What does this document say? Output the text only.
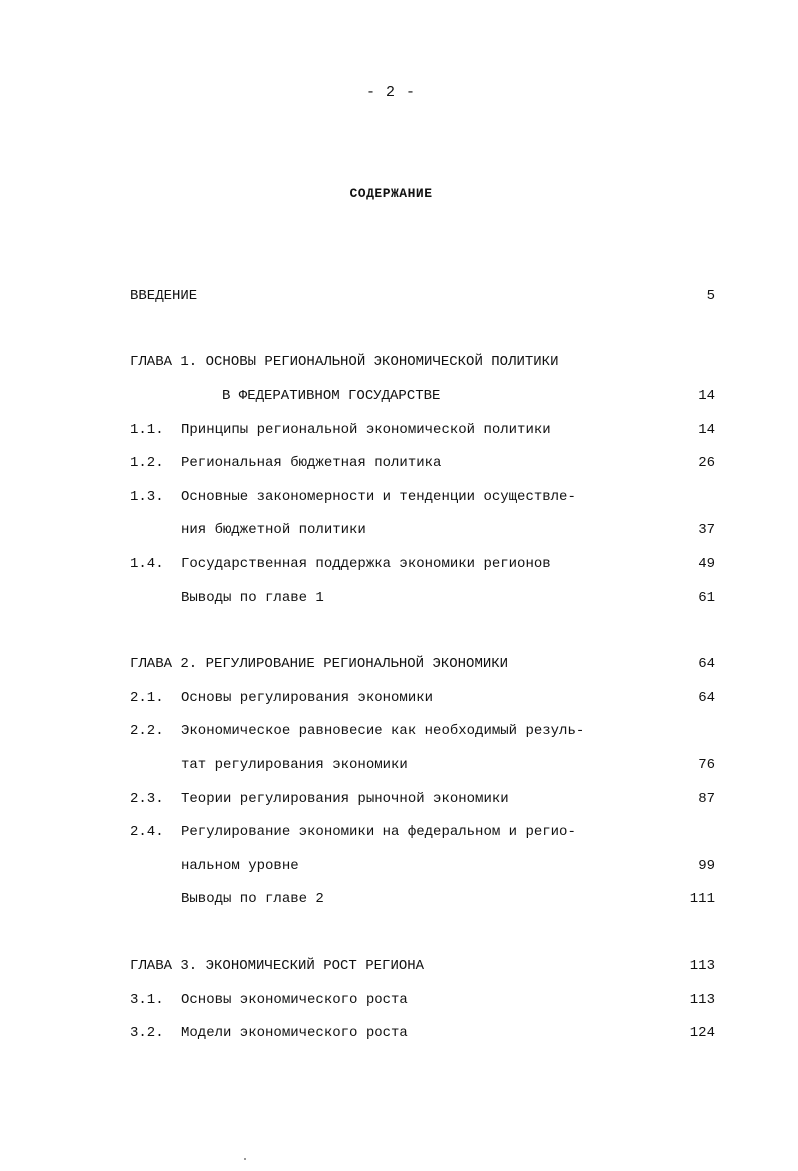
- 2 -
СОДЕРЖАНИЕ
ВВЕДЕНИЕ	5
ГЛАВА 1. ОСНОВЫ РЕГИОНАЛЬНОЙ ЭКОНОМИЧЕСКОЙ ПОЛИТИКИ
В ФЕДЕРАТИВНОМ ГОСУДАРСТВЕ	14
1.1. Принципы региональной экономической политики	14
1.2. Региональная бюджетная политика	26
1.3. Основные закономерности и тенденции осуществле-
ния бюджетной политики	37
1.4. Государственная поддержка экономики регионов	49
Выводы по главе 1	61
ГЛАВА 2. РЕГУЛИРОВАНИЕ РЕГИОНАЛЬНОЙ ЭКОНОМИКИ	64
2.1. Основы регулирования экономики	64
2.2. Экономическое равновесие как необходимый резуль-
тат регулирования экономики	76
2.3. Теории регулирования рыночной экономики	87
2.4. Регулирование экономики на федеральном и регио-
нальном уровне	99
Выводы по главе 2	111
ГЛАВА 3. ЭКОНОМИЧЕСКИЙ РОСТ РЕГИОНА	113
3.1. Основы экономического роста	113
3.2. Модели экономического роста	124
